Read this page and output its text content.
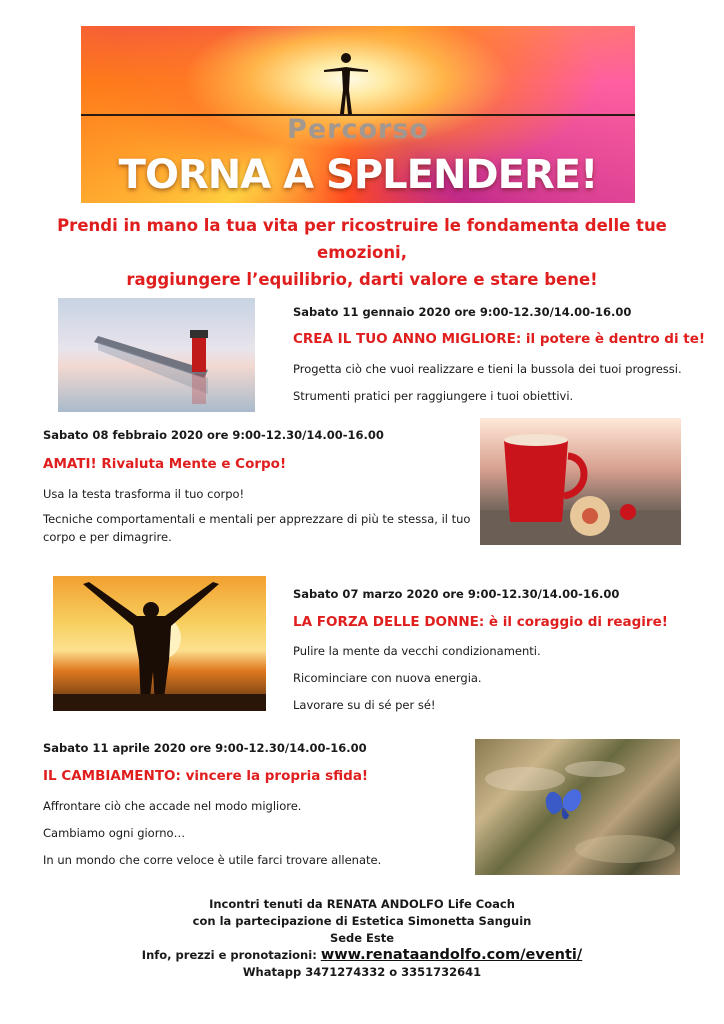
Percorso
TORNA A SPLENDERE!
Prendi in mano la tua vita per ricostruire le fondamenta delle tue emozioni,
raggiungere l’equilibrio, darti valore e stare bene!
Sabato 11 gennaio 2020 ore 9:00-12.30/14.00-16.00
CREA IL TUO ANNO MIGLIORE: il potere è dentro di te!
Progetta ciò che vuoi realizzare e tieni la bussola dei tuoi progressi.
Strumenti pratici per raggiungere i tuoi obiettivi.
Sabato 08 febbraio 2020 ore 9:00-12.30/14.00-16.00
AMATI! Rivaluta Mente e Corpo!
Usa la testa trasforma il tuo corpo!
Tecniche comportamentali e mentali per apprezzare di più te stessa, il tuo
corpo e per dimagrire.
Sabato 07 marzo 2020 ore 9:00-12.30/14.00-16.00
LA FORZA DELLE DONNE: è il coraggio di reagire!
Pulire la mente da vecchi condizionamenti.
Ricominciare con nuova energia.
Lavorare su di sé per sé!
Sabato 11 aprile 2020 ore 9:00-12.30/14.00-16.00
IL CAMBIAMENTO: vincere la propria sfida!
Affrontare ciò che accade nel modo migliore.
Cambiamo ogni giorno…
In un mondo che corre veloce è utile farci trovare allenate.
Incontri tenuti da RENATA ANDOLFO Life Coach
con la partecipazione di Estetica Simonetta Sanguin
Sede Este
Info, prezzi e pronotazioni: www.renataandolfo.com/eventi/
Whatapp 3471274332 o 3351732641
